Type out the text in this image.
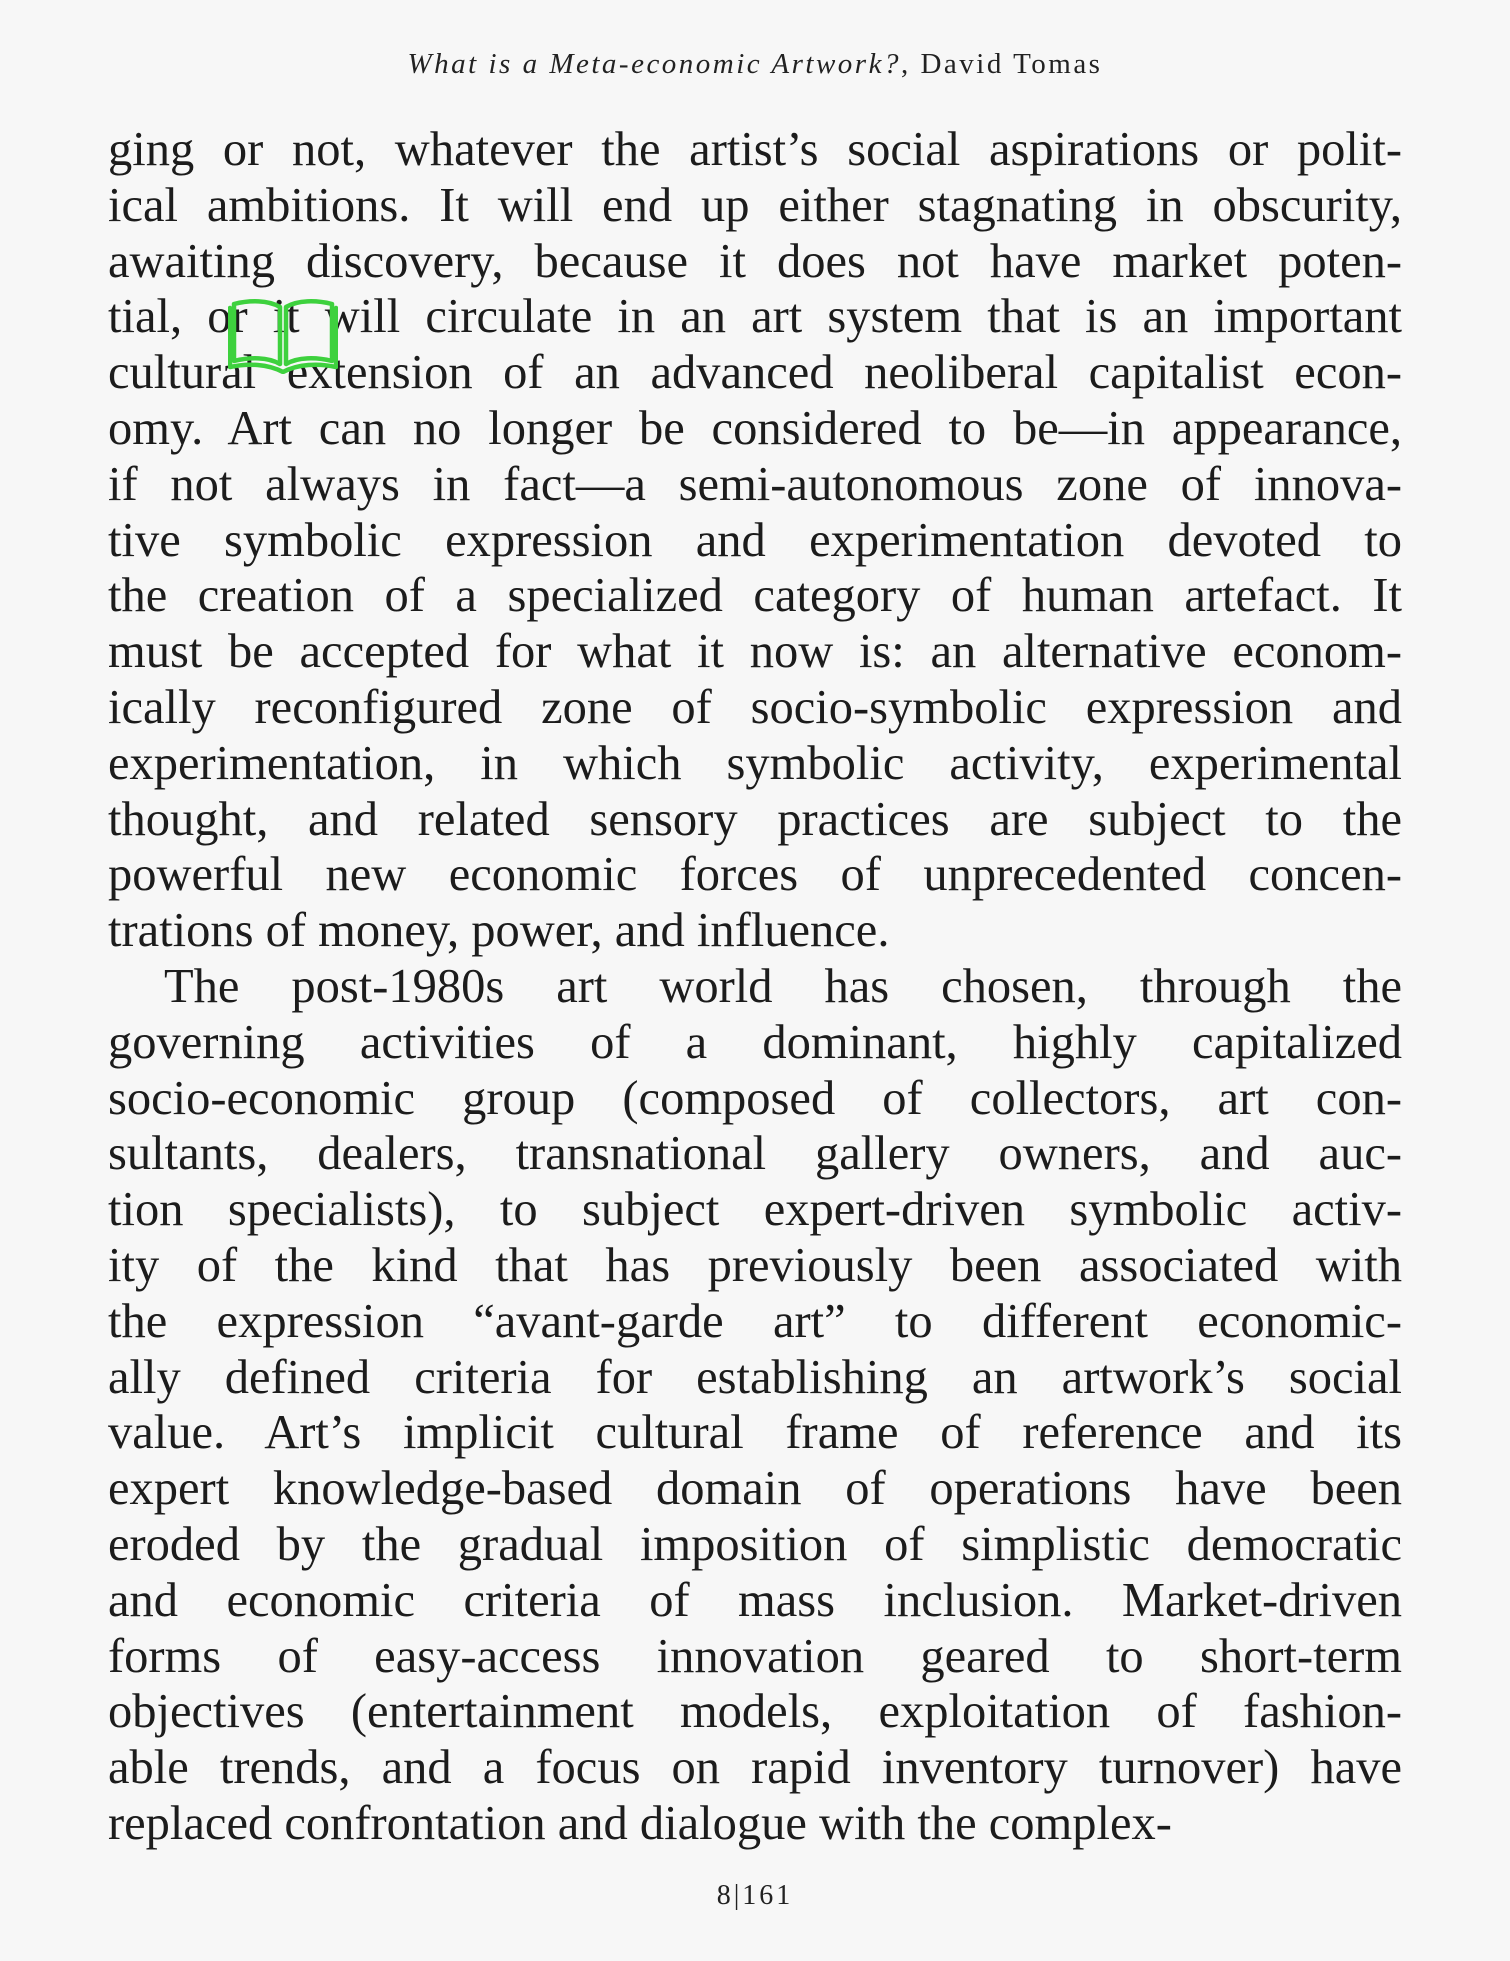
What is a Meta-economic Artwork?, David Tomas
ging or not, whatever the artist’s social aspirations or polit-
ical ambitions. It will end up either stagnating in obscurity,
awaiting discovery, because it does not have market poten-
tial, or it will circulate in an art system that is an important
cultural extension of an advanced neoliberal capitalist econ-
omy. Art can no longer be considered to be—in appearance,
if not always in fact—a semi-autonomous zone of innova-
tive symbolic expression and experimentation devoted to
the creation of a specialized category of human artefact. It
must be accepted for what it now is: an alternative econom-
ically reconfigured zone of socio-symbolic expression and
experimentation, in which symbolic activity, experimental
thought, and related sensory practices are subject to the
powerful new economic forces of unprecedented concen-
trations of money, power, and influence.
The post-1980s art world has chosen, through the
governing activities of a dominant, highly capitalized
socio-economic group (composed of collectors, art con-
sultants, dealers, transnational gallery owners, and auc-
tion specialists), to subject expert-driven symbolic activ-
ity of the kind that has previously been associated with
the expression “avant-garde art” to different economic-
ally defined criteria for establishing an artwork’s social
value. Art’s implicit cultural frame of reference and its
expert knowledge-based domain of operations have been
eroded by the gradual imposition of simplistic democratic
and economic criteria of mass inclusion. Market-driven
forms of easy-access innovation geared to short-term
objectives (entertainment models, exploitation of fashion-
able trends, and a focus on rapid inventory turnover) have
replaced confrontation and dialogue with the complex-
8|161
